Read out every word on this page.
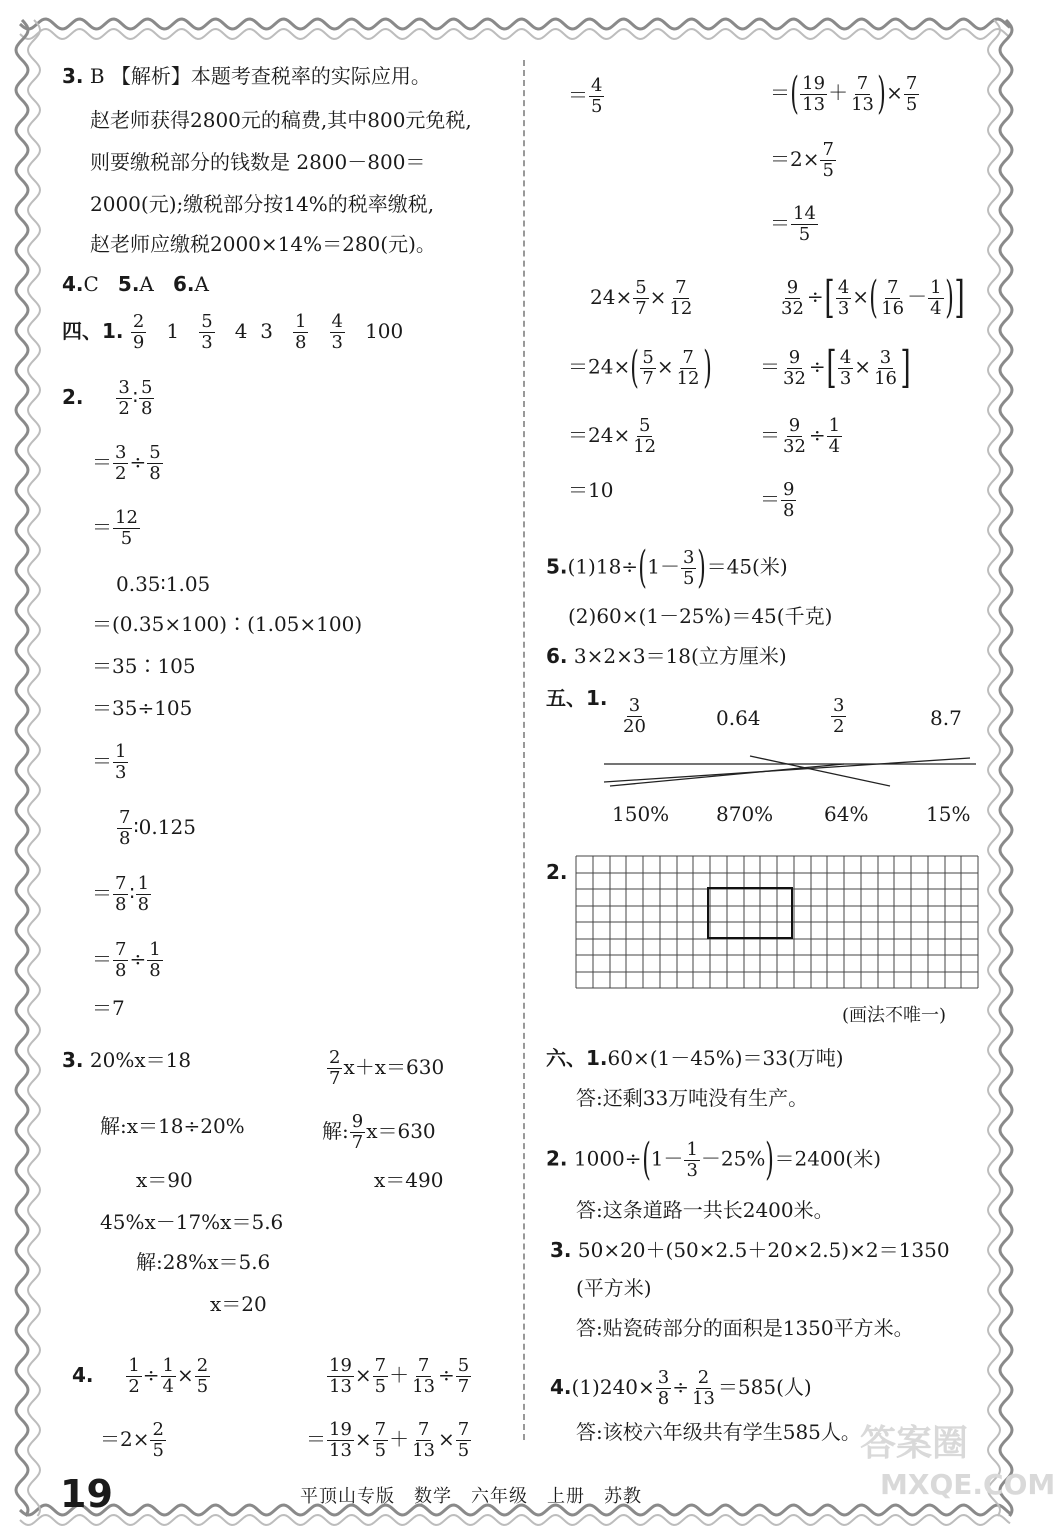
3. B 【解析】本题考查税率的实际应用。
赵老师获得2800元的稿费,其中800元免税,
则要缴税部分的钱数是 2800－800＝
2000(元);缴税部分按14%的税率缴税,
赵老师应缴税2000×14%＝280(元)。
4.C 5.A 6.A
四、1. $\frac{2}{9} 1 \frac{5}{3} 4$ $3 \frac{1}{8}$
$\frac{4}{3} 100$
2. $\frac{3}{2}$ ∶ $\frac{5}{8}$
＝ $\frac{3}{2} \div \frac{5}{8}$
＝ $\frac{12}{5}$
0.35∶1.05
＝(0.35×100)∶(1.05×100)
＝35∶105
＝35÷105
＝ $\frac{1}{3}$
$\frac{7}{8}$ ∶0.125
＝ $\frac{7}{8}$ ∶ $\frac{1}{8}$
＝ $\frac{7}{8} \div \frac{1}{8}$
＝7
3. 20%x＝18
解:x＝18÷20%
x＝90
$\frac{2}{7} x+x=630$
解: $\frac{9}{7} x=630$
x＝490
45%x－17%x＝5.6
解:28%x＝5.6
x＝20
4. $\frac{1}{2} \div \frac{1}{4} \times \frac{2}{5}$
$=2\times \frac{2}{5}$
$\frac{19}{13} \times \frac{7}{5} + \frac{7}{13} \div \frac{5}{7}$
＝ $\frac{19}{13} \times \frac{7}{5} + \frac{7}{13} \times \frac{7}{5}$
＝ $\frac{4}{5}$	＝( $\frac{19}{13} + \frac{7}{13}$ )× $\frac{7}{5}$
$=2\times \frac{7}{5}$
＝ $\frac{14}{5}$
$24\times \frac{5}{7} \times \frac{7}{12}$
$=24\times( \frac{5}{7} \times \frac{7}{12}$ )
$=24\times \frac{5}{12}$
＝10
$\frac{9}{32}$ ÷[ $\frac{4}{3}$ ×( $\frac{7}{16} - \frac{1}{4}$ )]
＝ $\frac{9}{32}$ ÷[ $\frac{4}{3} \times \frac{3}{16}$ ]
＝ $\frac{9}{32} \div \frac{1}{4}$
＝ $\frac{9}{8}$
$5.(1)18\div(1- \frac{3}{5} )=45$(米)
(2)60×(1－25%)＝45(千克)
6. 3×2×3＝18(立方厘米)
五、1. $\frac{3}{20}$	0.64	$\frac{3}{2}$	8.7
150% 870%	64%	15%
2.
(画法不唯一)
六、1.60×(1－45%)＝33(万吨)
答:还剩33万吨没有生产。
2. $1000\div(1- \frac{1}{3} -25\%)=2400$(米)
答:这条道路一共长2400米。
3. 50×20＋(50×2.5＋20×2.5)×2＝1350
(平方米)
答:贴瓷砖部分的面积是1350平方米。
$4.(1)240\times \frac{3}{8} \div \frac{2}{13} =585$(人)
答:该校六年级共有学生585人。
19	平顶山专版　数学　六年级　上册　苏教
答案圈
MXQE.COM
